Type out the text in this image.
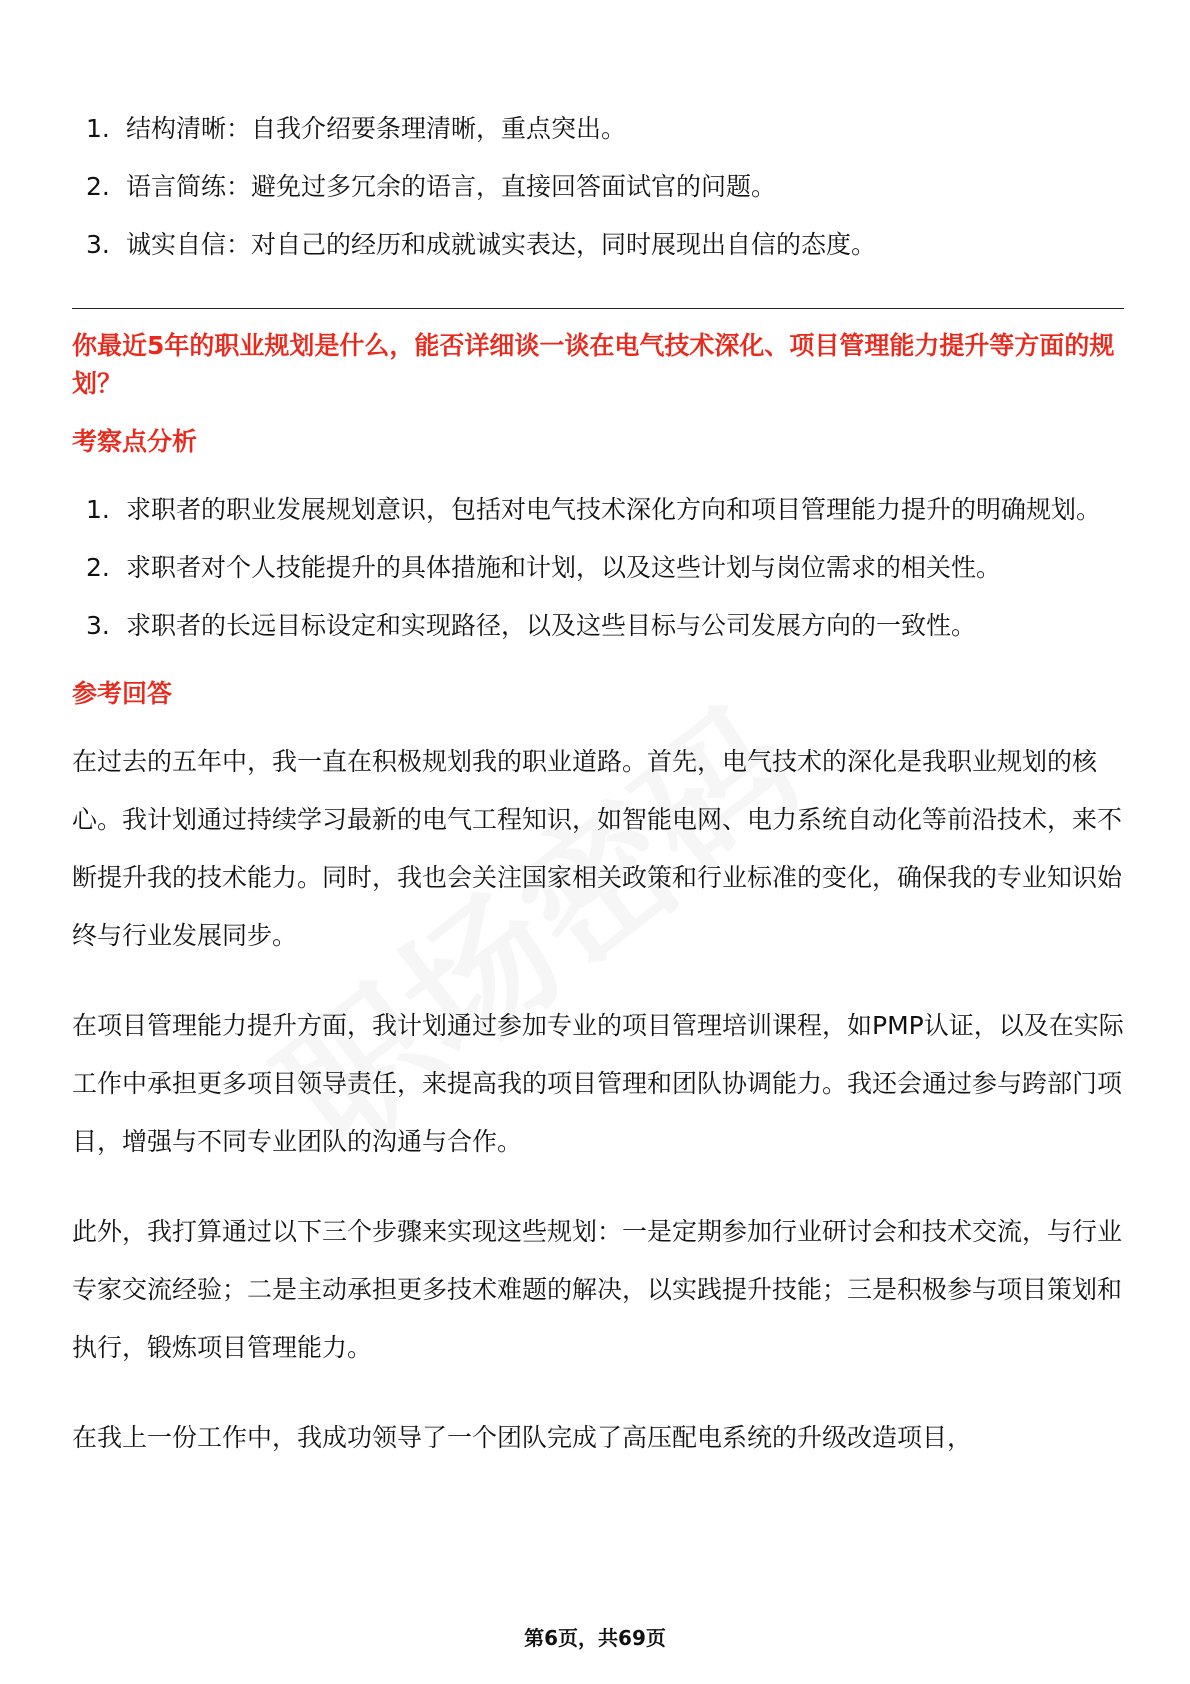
1. 结构清晰：自我介绍要条理清晰，重点突出。
2. 语言简练：避免过多冗余的语言，直接回答面试官的问题。
3. 诚实自信：对自己的经历和成就诚实表达，同时展现出自信的态度。

你最近5年的职业规划是什么，能否详细谈一谈在电气技术深化、项目管理能力提升等方面的规划？

考察点分析
1. 求职者的职业发展规划意识，包括对电气技术深化方向和项目管理能力提升的明确规划。
2. 求职者对个人技能提升的具体措施和计划，以及这些计划与岗位需求的相关性。
3. 求职者的长远目标设定和实现路径，以及这些目标与公司发展方向的一致性。
参考回答

在过去的五年中，我一直在积极规划我的职业道路。首先，电气技术的深化是我职业规划的核心。我计划通过持续学习最新的电气工程知识，如智能电网、电力系统自动化等前沿技术，来不断提升我的技术能力。同时，我也会关注国家相关政策和行业标准的变化，确保我的专业知识始终与行业发展同步。

在项目管理能力提升方面，我计划通过参加专业的项目管理培训课程，如PMP认证，以及在实际工作中承担更多项目领导责任，来提高我的项目管理和团队协调能力。我还会通过参与跨部门项目，增强与不同专业团队的沟通与合作。

此外，我打算通过以下三个步骤来实现这些规划：一是定期参加行业研讨会和技术交流，与行业专家交流经验；二是主动承担更多技术难题的解决，以实践提升技能；三是积极参与项目策划和执行，锻炼项目管理能力。

在我上一份工作中，我成功领导了一个团队完成了高压配电系统的升级改造项目，

第6页，共69页
